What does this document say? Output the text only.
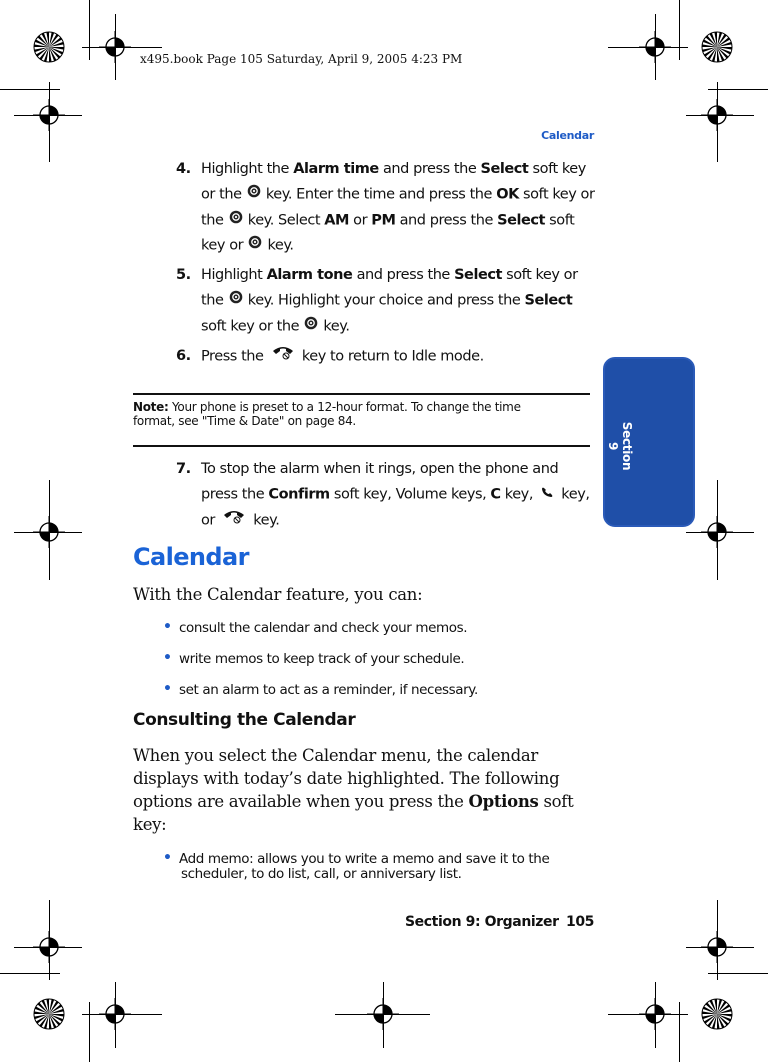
x495.book Page 105 Saturday, April 9, 2005 4:23 PM
Calendar
4. Highlight the Alarm time and press the Select soft key
or the  key. Enter the time and press the OK soft key or
the  key. Select AM or PM and press the Select soft
key or  key.
5. Highlight Alarm tone and press the Select soft key or
the  key. Highlight your choice and press the Select
soft key or the  key.
6. Press the  key to return to Idle mode.
Note: Your phone is preset to a 12-hour format. To change the time
format, see "Time & Date" on page 84.
7. To stop the alarm when it rings, open the phone and
press the Confirm soft key, Volume keys, C key,  key,
or  key.
Calendar
With the Calendar feature, you can:
• consult the calendar and check your memos.
• write memos to keep track of your schedule.
• set an alarm to act as a reminder, if necessary.
Consulting the Calendar
When you select the Calendar menu, the calendar
displays with today’s date highlighted. The following
options are available when you press the Options soft
key:
• Add memo: allows you to write a memo and save it to the
scheduler, to do list, call, or anniversary list.
Section 9
Section 9: Organizer 105
